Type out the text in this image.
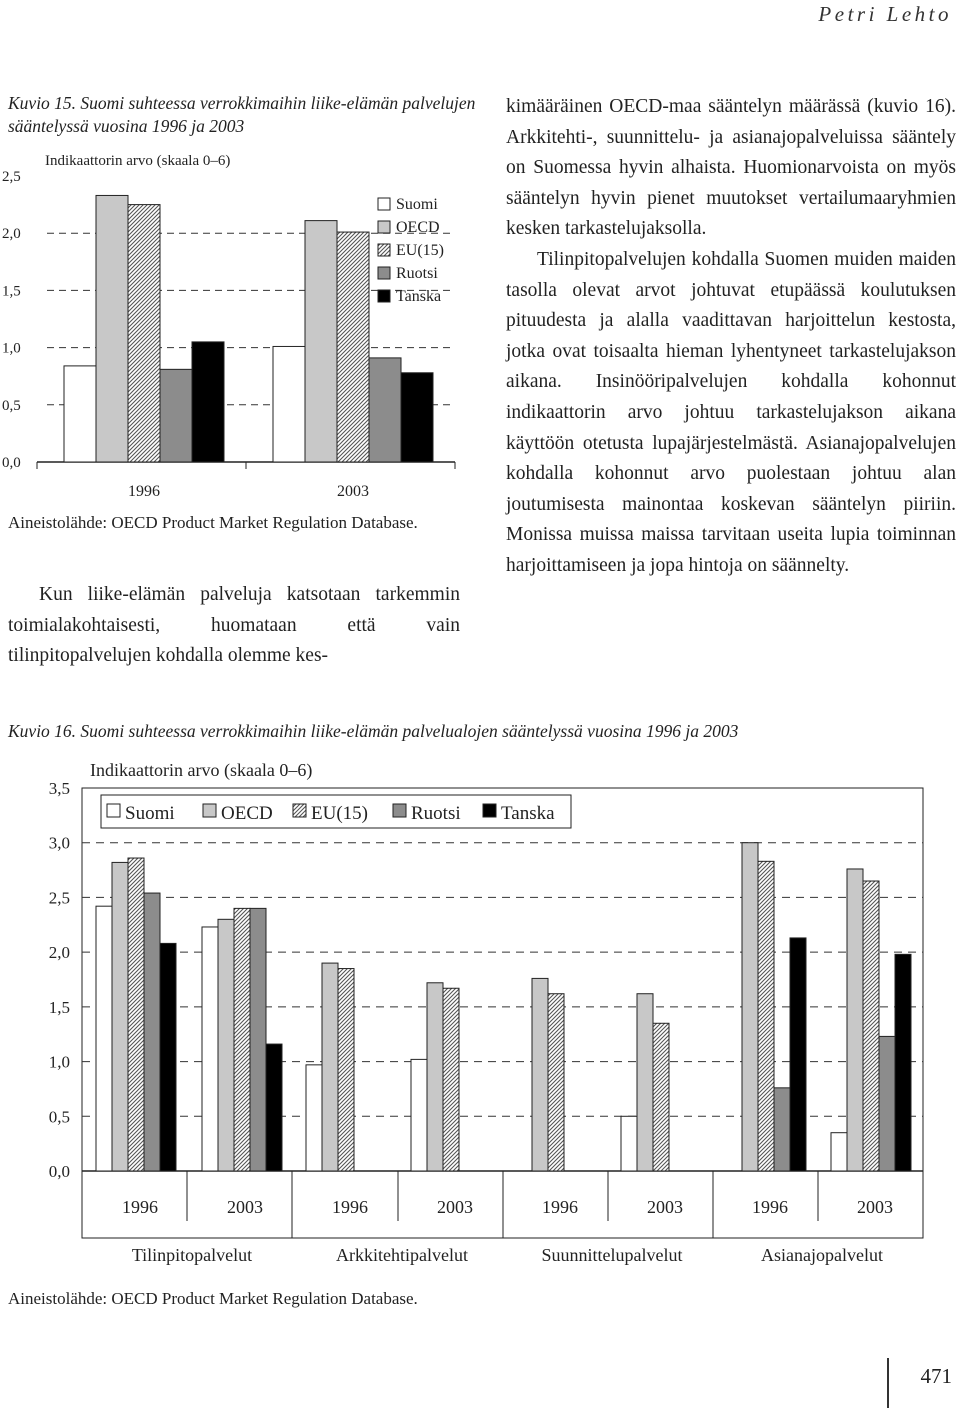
Petri Lehto
Kuvio 15. Suomi suhteessa verrokkimaihin liike-elämän palvelujen sääntelyssä vuosina 1996 ja 2003
0,0
0,5
1,0
1,5
2,0
2,5
Indikaattorin arvo (skaala 0–6)
1996	2003
Suomi
OECD
EU(15)
Ruotsi
Tanska
Aineistolähde: OECD Product Market Regulation Database.

Kun liike-elämän palveluja katsotaan tarkemmin toimialakohtaisesti, huomataan että vain tilinpitopalvelujen kohdalla olemme kes-

kimääräinen OECD-maa sääntelyn määrässä (kuvio 16). Arkkitehti-, suunnittelu- ja asianajopalveluissa sääntely on Suomessa hyvin alhaista. Huomionarvoista on myös sääntelyn hyvin pienet muutokset vertailumaaryhmien kesken tarkastelujaksolla.

Tilinpitopalvelujen kohdalla Suomen muiden maiden tasolla olevat arvot johtuvat etupäässä koulutuksen pituudesta ja alalla vaadittavan harjoittelun kestosta, jotka ovat toisaalta hieman lyhentyneet tarkastelujakson aikana. Insinööripalvelujen kohdalla kohonnut indikaattorin arvo johtuu tarkastelujakson aikana käyttöön otetusta lupajärjestelmästä. Asianajopalvelujen kohdalla kohonnut arvo puolestaan johtuu alan joutumisesta mainontaa koskevan sääntelyn piiriin. Monissa muissa maissa tarvitaan useita lupia toiminnan harjoittamiseen ja jopa hintoja on säännelty.

Kuvio 16. Suomi suhteessa verrokkimaihin liike-elämän palvelualojen sääntelyssä vuosina 1996 ja 2003
0,0
0,5
1,0
1,5
2,0
2,5
3,0
3,5
Indikaattorin arvo (skaala 0–6)
Suomi OECD EU(15) Ruotsi Tanska
1996	2003	1996	2003	1996	2003	1996	2003
Tilinpitopalvelut	Arkkitehtipalvelut	Suunnittelupalvelut	Asianajopalvelut
Aineistolähde: OECD Product Market Regulation Database.
471
